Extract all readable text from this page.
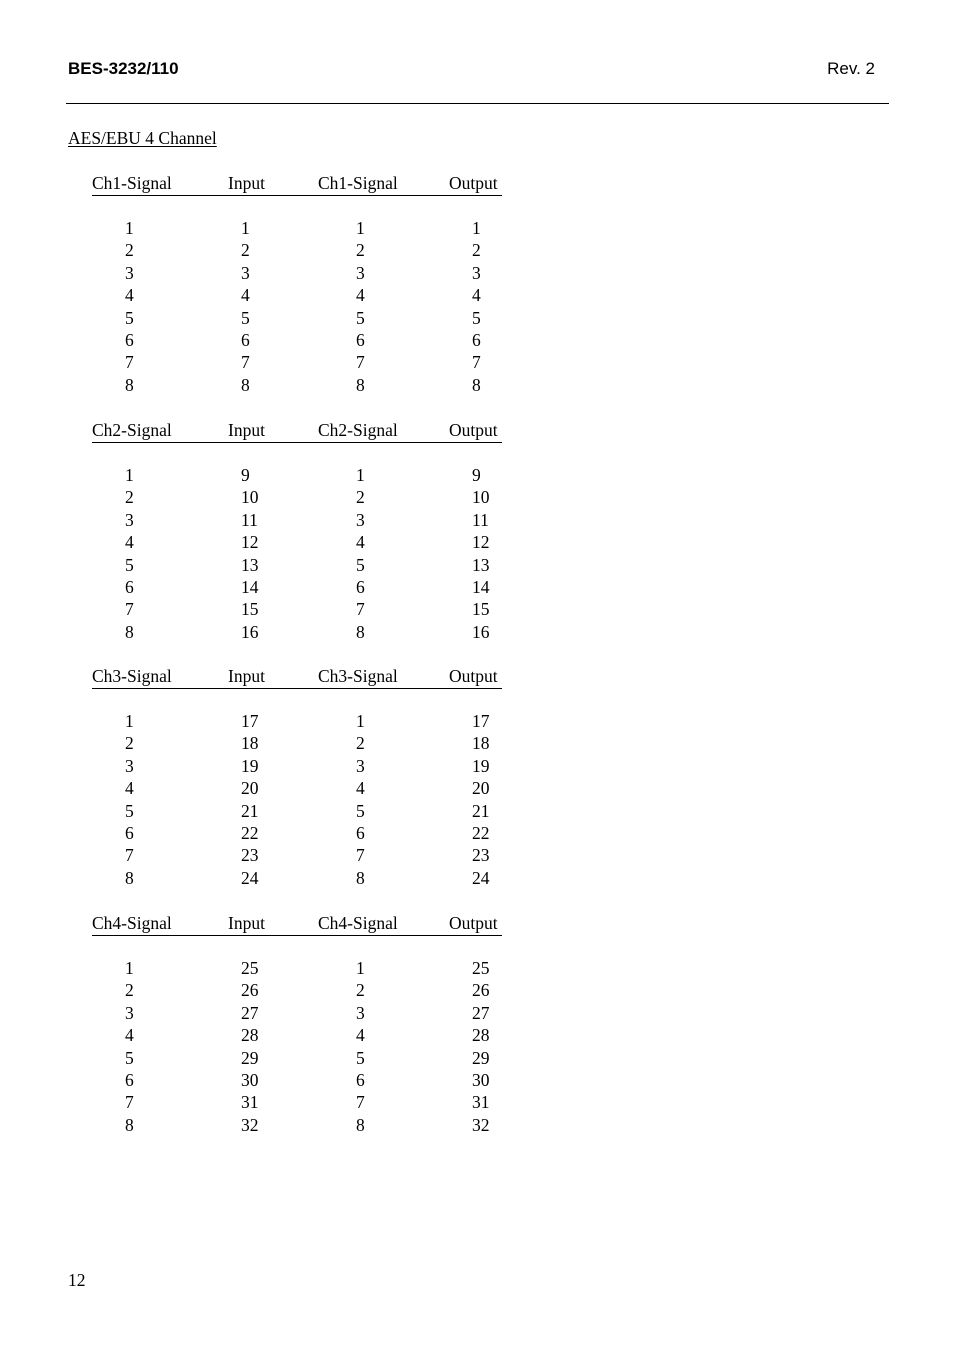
BES-3232/110	Rev. 2
AES/EBU 4 Channel
Ch1-Signal	Input	Ch1-Signal	Output
1	1	1	1
2	2	2	2
3	3	3	3
4	4	4	4
5	5	5	5
6	6	6	6
7	7	7	7
8	8	8	8
Ch2-Signal	Input	Ch2-Signal	Output
1	9	1	9
2	10	2	10
3	11	3	11
4	12	4	12
5	13	5	13
6	14	6	14
7	15	7	15
8	16	8	16
Ch3-Signal	Input	Ch3-Signal	Output
1	17	1	17
2	18	2	18
3	19	3	19
4	20	4	20
5	21	5	21
6	22	6	22
7	23	7	23
8	24	8	24
Ch4-Signal	Input	Ch4-Signal	Output
1	25	1	25
2	26	2	26
3	27	3	27
4	28	4	28
5	29	5	29
6	30	6	30
7	31	7	31
8	32	8	32
12
